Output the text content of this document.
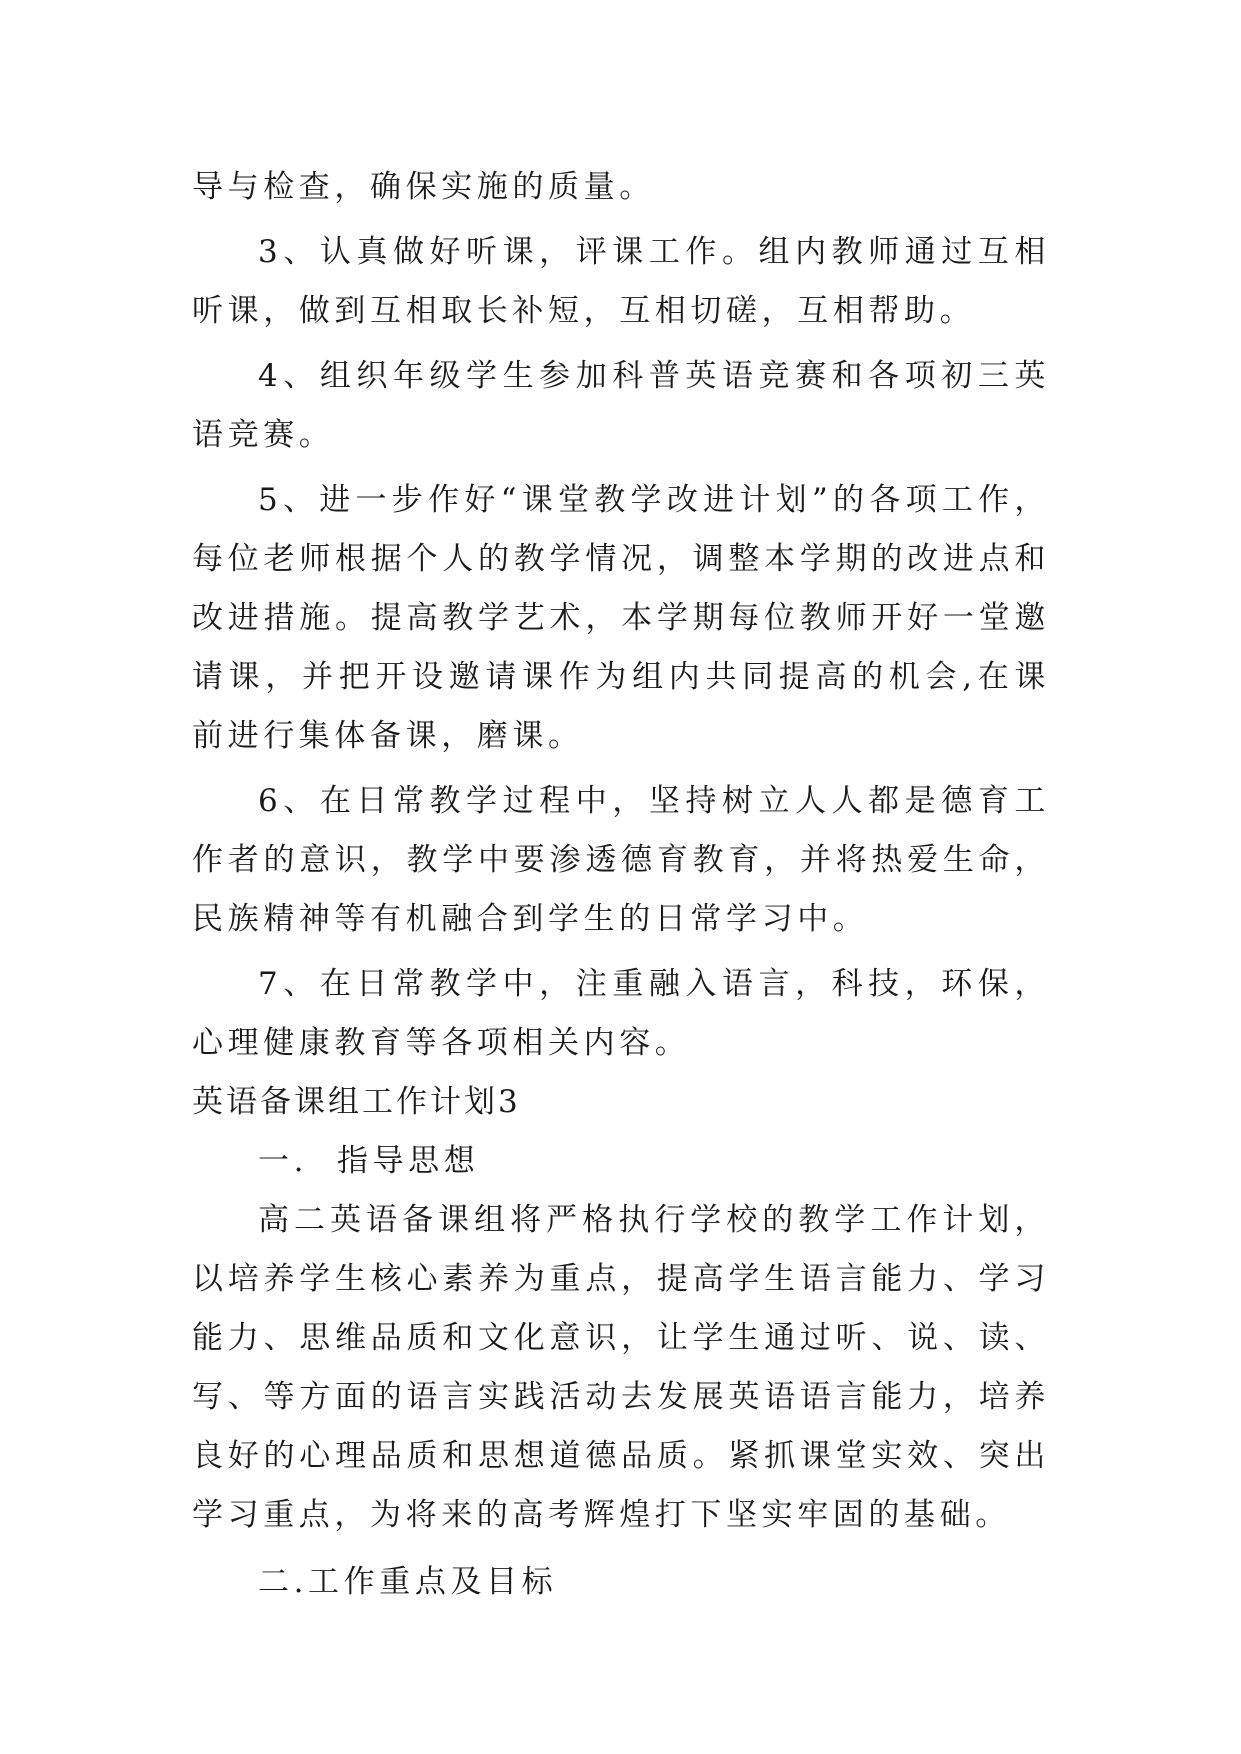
导与检查，确保实施的质量。

3、认真做好听课，评课工作。组内教师通过互相听课，做到互相取长补短，互相切磋，互相帮助。

4、组织年级学生参加科普英语竞赛和各项初三英语竞赛。

5、进一步作好“课堂教学改进计划”的各项工作，每位老师根据个人的教学情况，调整本学期的改进点和改进措施。提高教学艺术，本学期每位教师开好一堂邀请课，并把开设邀请课作为组内共同提高的机会,在课前进行集体备课，磨课。

6、在日常教学过程中，坚持树立人人都是德育工作者的意识，教学中要渗透德育教育，并将热爱生命，民族精神等有机融合到学生的日常学习中。

7、在日常教学中，注重融入语言，科技，环保，心理健康教育等各项相关内容。

英语备课组工作计划3

一.  指导思想

高二英语备课组将严格执行学校的教学工作计划，以培养学生核心素养为重点，提高学生语言能力、学习能力、思维品质和文化意识，让学生通过听、说、读、写、等方面的语言实践活动去发展英语语言能力，培养良好的心理品质和思想道德品质。紧抓课堂实效、突出学习重点，为将来的高考辉煌打下坚实牢固的基础。

二.工作重点及目标
